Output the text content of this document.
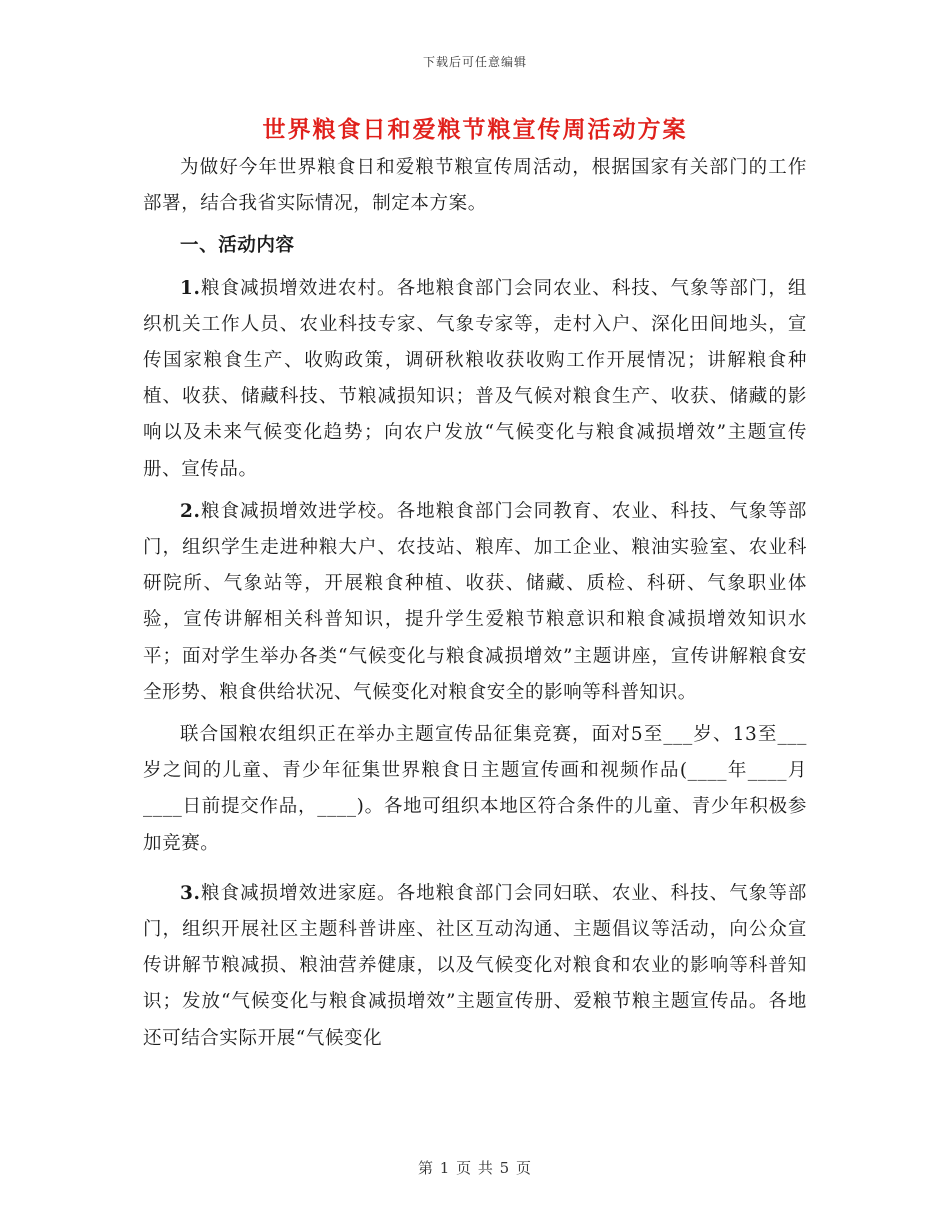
下载后可任意编辑
世界粮食日和爱粮节粮宣传周活动方案

为做好今年世界粮食日和爱粮节粮宣传周活动，根据国家有关部门的工作部署，结合我省实际情况，制定本方案。

一、活动内容

1.粮食减损增效进农村。各地粮食部门会同农业、科技、气象等部门，组织机关工作人员、农业科技专家、气象专家等，走村入户、深化田间地头，宣传国家粮食生产、收购政策，调研秋粮收获收购工作开展情况；讲解粮食种植、收获、储藏科技、节粮减损知识；普及气候对粮食生产、收获、储藏的影响以及未来气候变化趋势；向农户发放“气候变化与粮食减损增效”主题宣传册、宣传品。

2.粮食减损增效进学校。各地粮食部门会同教育、农业、科技、气象等部门，组织学生走进种粮大户、农技站、粮库、加工企业、粮油实验室、农业科研院所、气象站等，开展粮食种植、收获、储藏、质检、科研、气象职业体验，宣传讲解相关科普知识，提升学生爱粮节粮意识和粮食减损增效知识水平；面对学生举办各类“气候变化与粮食减损增效”主题讲座，宣传讲解粮食安全形势、粮食供给状况、气候变化对粮食安全的影响等科普知识。

联合国粮农组织正在举办主题宣传品征集竞赛，面对5至___岁、13至___岁之间的儿童、青少年征集世界粮食日主题宣传画和视频作品(____年____月____日前提交作品，____)。各地可组织本地区符合条件的儿童、青少年积极参加竞赛。

3.粮食减损增效进家庭。各地粮食部门会同妇联、农业、科技、气象等部门，组织开展社区主题科普讲座、社区互动沟通、主题倡议等活动，向公众宣传讲解节粮减损、粮油营养健康，以及气候变化对粮食和农业的影响等科普知识；发放“气候变化与粮食减损增效”主题宣传册、爱粮节粮主题宣传品。各地还可结合实际开展“气候变化

第 1 页 共 5 页
